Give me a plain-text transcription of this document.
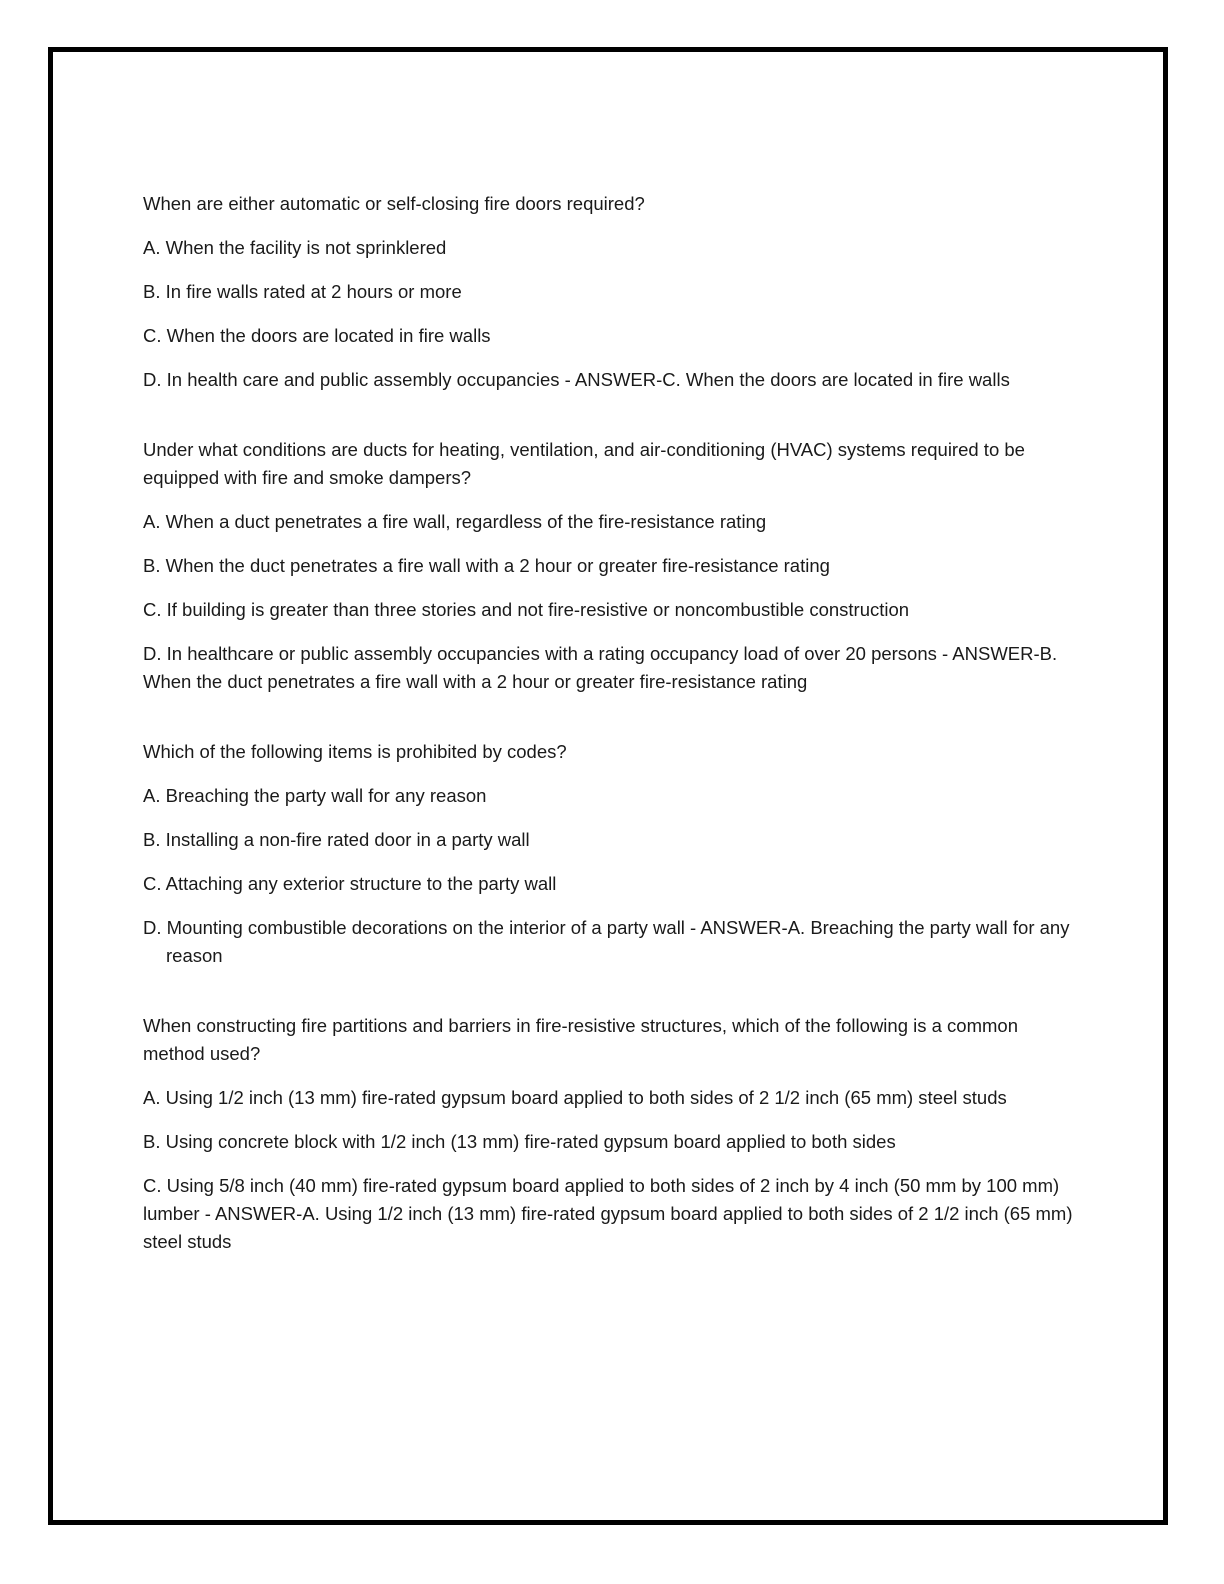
When are either automatic or self-closing fire doors required?

A. When the facility is not sprinklered

B. In fire walls rated at 2 hours or more

C. When the doors are located in fire walls

D. In health care and public assembly occupancies - ANSWER-C. When the doors are located in fire walls

Under what conditions are ducts for heating, ventilation, and air-conditioning (HVAC) systems required to be equipped with fire and smoke dampers?

A. When a duct penetrates a fire wall, regardless of the fire-resistance rating

B. When the duct penetrates a fire wall with a 2 hour or greater fire-resistance rating

C. If building is greater than three stories and not fire-resistive or noncombustible construction

D. In healthcare or public assembly occupancies with a rating occupancy load of over 20 persons - ANSWER-B. When the duct penetrates a fire wall with a 2 hour or greater fire-resistance rating

Which of the following items is prohibited by codes?

A. Breaching the party wall for any reason

B. Installing a non-fire rated door in a party wall

C. Attaching any exterior structure to the party wall

D. Mounting combustible decorations on the interior of a party wall - ANSWER-A. Breaching the party wall for any reason

When constructing fire partitions and barriers in fire-resistive structures, which of the following is a common method used?

A. Using 1/2 inch (13 mm) fire-rated gypsum board applied to both sides of 2 1/2 inch (65 mm) steel studs

B. Using concrete block with 1/2 inch (13 mm) fire-rated gypsum board applied to both sides

C. Using 5/8 inch (40 mm) fire-rated gypsum board applied to both sides of 2 inch by 4 inch (50 mm by 100 mm) lumber - ANSWER-A. Using 1/2 inch (13 mm) fire-rated gypsum board applied to both sides of 2 1/2 inch (65 mm) steel studs
